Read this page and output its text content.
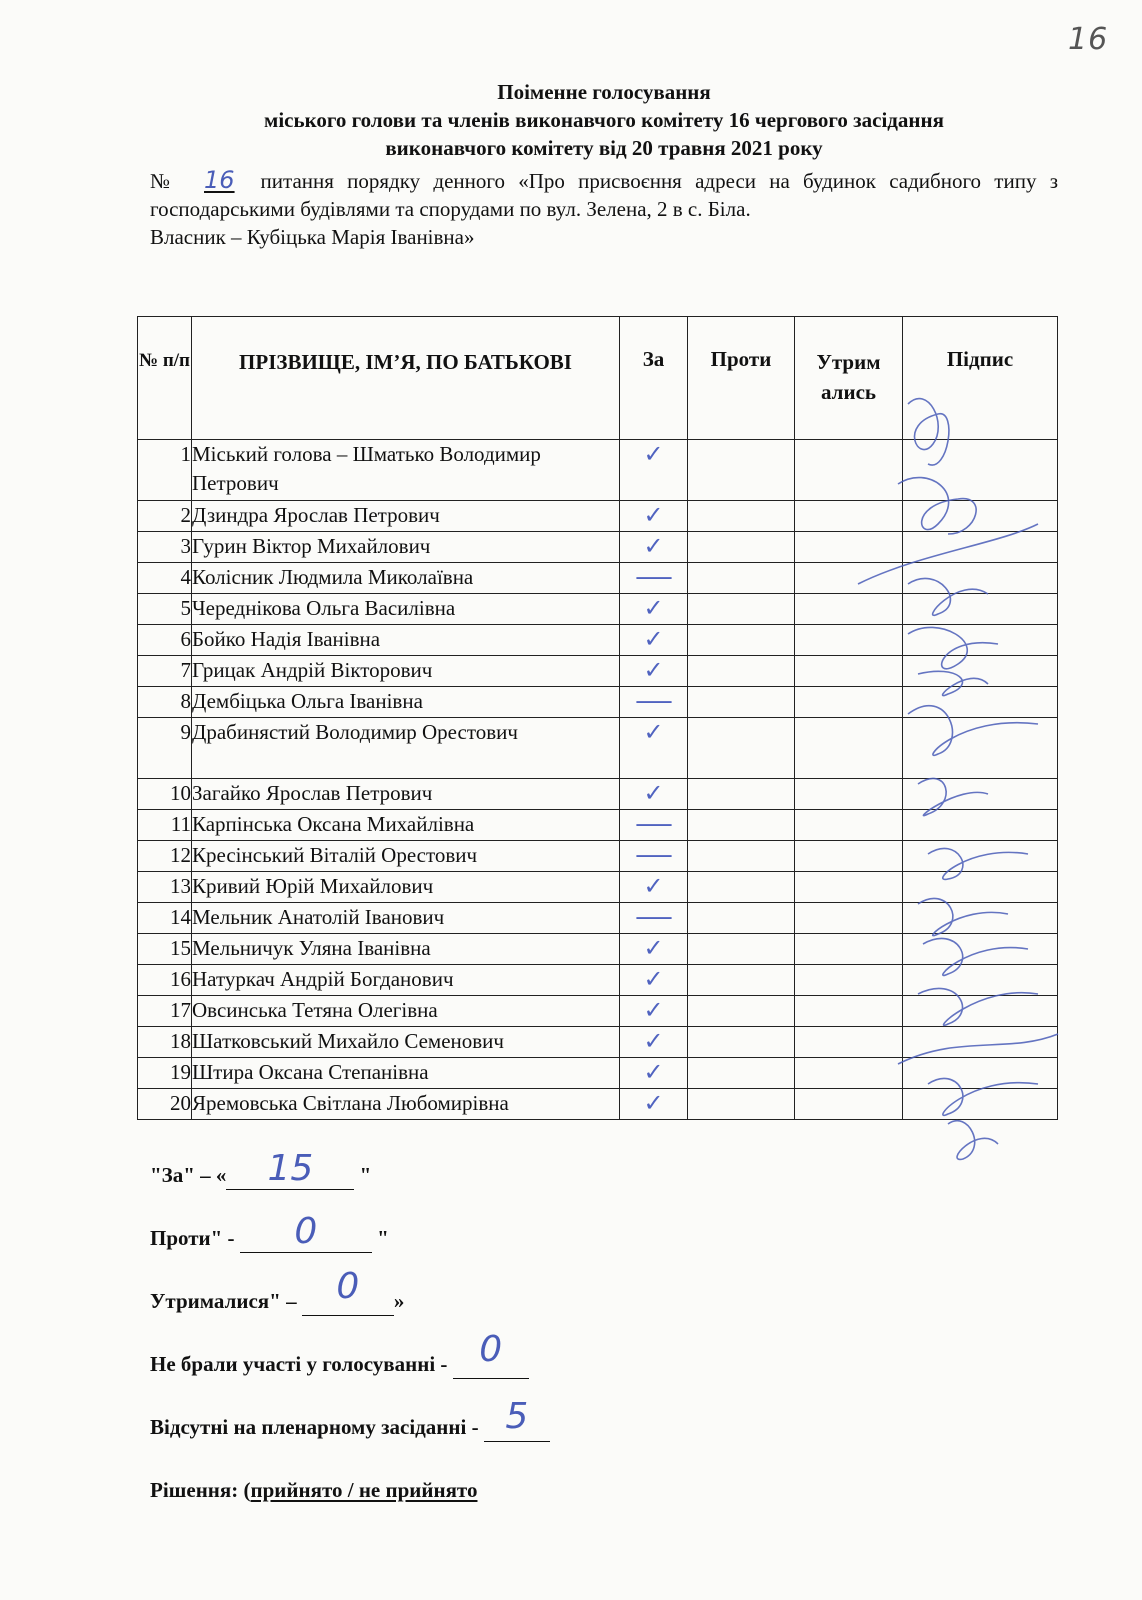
16
Поіменне голосування
міського голови та членів виконавчого комітету 16 чергового засідання
виконавчого комітету від 20 травня 2021 року
№ 16 питання порядку денного «Про присвоєння адреси на будинок садибного типу з господарськими будівлями та спорудами по вул. Зелена, 2 в с. Біла.
Власник – Кубіцька Марія Іванівна»
№ п/п	ПРІЗВИЩЕ, ІМ’Я, ПО БАТЬКОВІ	За	Проти	Утрим ались	Підпис
1	Міський голова – Шматько Володимир Петрович	✓			
2	Дзиндра Ярослав Петрович	✓			
3	Гурин Віктор Михайлович	✓			
4	Колісник Людмила Миколаївна	—			
5	Череднікова Ольга Василівна	✓			
6	Бойко Надія Іванівна	✓			
7	Грицак Андрій Вікторович	✓			
8	Дембіцька Ольга Іванівна	—			
9	Драбинястий Володимир Орестович	✓			
10	Загайко Ярослав Петрович	✓			
11	Карпінська Оксана Михайлівна	—			
12	Кресінський Віталій Орестович	—			
13	Кривий Юрій Михайлович	✓			
14	Мельник Анатолій Іванович	—			
15	Мельничук Уляна Іванівна	✓			
16	Натуркач Андрій Богданович	✓			
17	Овсинська Тетяна Олегівна	✓			
18	Шатковський Михайло Семенович	✓			
19	Штира Оксана Степанівна	✓			
20	Яремовська Світлана Любомирівна	✓			
"За" – «	15	"
Проти" -	0	"
Утрималися" – 0	»
Не брали участі у голосуванні - 0
Відсутні на пленарному засіданні - 5
Рішення: (прийнято / не прийнято
